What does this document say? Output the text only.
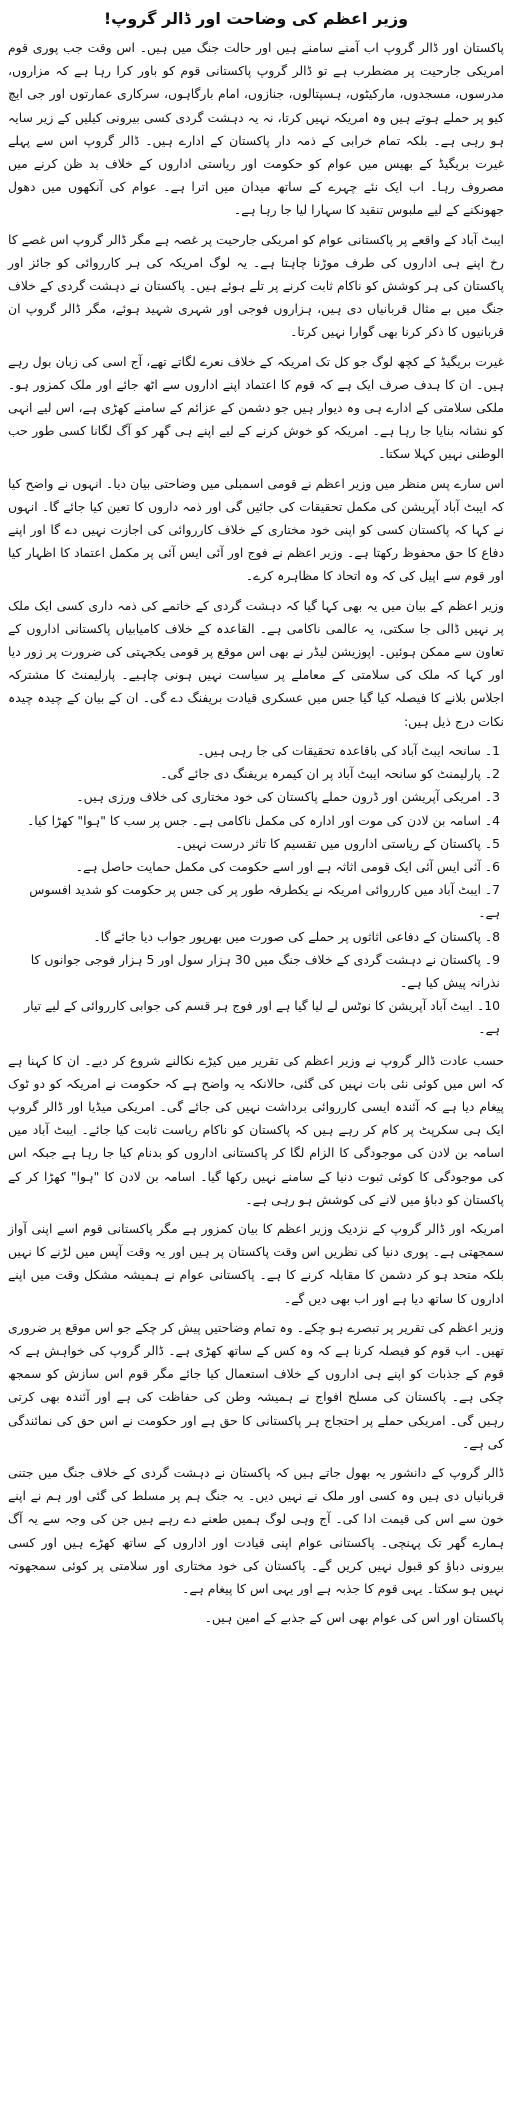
وزیر اعظم کی وضاحت اور ڈالر گروپ!

پاکستان اور ڈالر گروپ اب آمنے سامنے ہیں اور حالت جنگ میں ہیں۔ اس وقت جب پوری قوم امریکی جارحیت پر مضطرب ہے تو ڈالر گروپ پاکستانی قوم کو باور کرا رہا ہے کہ مزاروں، مدرسوں، مسجدوں، مارکیٹوں، ہسپتالوں، جنازوں، امام بارگاہوں، سرکاری عمارتوں اور جی ایچ کیو پر حملے ہوتے ہیں وہ امریکہ نہیں کرتا، نہ یہ دہشت گردی کسی بیرونی کیلیں کے زیر سایہ ہو رہی ہے۔ بلکہ تمام خرابی کے ذمہ دار پاکستان کے ادارے ہیں۔ ڈالر گروپ اس سے پہلے غیرت بریگیڈ کے بھیس میں عوام کو حکومت اور ریاستی اداروں کے خلاف بد ظن کرنے میں مصروف رہا۔ اب ایک نئے چہرے کے ساتھ میدان میں اترا ہے۔ عوام کی آنکھوں میں دھول جھونکنے کے لیے ملبوس تنقید کا سہارا لیا جا رہا ہے۔

ایبٹ آباد کے واقعے پر پاکستانی عوام کو امریکی جارحیت پر غصہ ہے مگر ڈالر گروپ اس غصے کا رخ اپنے ہی اداروں کی طرف موڑنا چاہتا ہے۔ یہ لوگ امریکہ کی ہر کارروائی کو جائز اور پاکستان کی ہر کوشش کو ناکام ثابت کرنے پر تلے ہوئے ہیں۔ پاکستان نے دہشت گردی کے خلاف جنگ میں بے مثال قربانیاں دی ہیں، ہزاروں فوجی اور شہری شہید ہوئے، مگر ڈالر گروپ ان قربانیوں کا ذکر کرنا بھی گوارا نہیں کرتا۔

غیرت بریگیڈ کے کچھ لوگ جو کل تک امریکہ کے خلاف نعرے لگاتے تھے، آج اسی کی زبان بول رہے ہیں۔ ان کا ہدف صرف ایک ہے کہ قوم کا اعتماد اپنے اداروں سے اٹھ جائے اور ملک کمزور ہو۔ ملکی سلامتی کے ادارے ہی وہ دیوار ہیں جو دشمن کے عزائم کے سامنے کھڑی ہے، اس لیے انہی کو نشانہ بنایا جا رہا ہے۔ امریکہ کو خوش کرنے کے لیے اپنے ہی گھر کو آگ لگانا کسی طور حب الوطنی نہیں کہلا سکتا۔

اس سارے پس منظر میں وزیر اعظم نے قومی اسمبلی میں وضاحتی بیان دیا۔ انہوں نے واضح کیا کہ ایبٹ آباد آپریشن کی مکمل تحقیقات کی جائیں گی اور ذمہ داروں کا تعین کیا جائے گا۔ انہوں نے کہا کہ پاکستان کسی کو اپنی خود مختاری کے خلاف کارروائی کی اجازت نہیں دے گا اور اپنے دفاع کا حق محفوظ رکھتا ہے۔ وزیر اعظم نے فوج اور آئی ایس آئی پر مکمل اعتماد کا اظہار کیا اور قوم سے اپیل کی کہ وہ اتحاد کا مظاہرہ کرے۔

وزیر اعظم کے بیان میں یہ بھی کہا گیا کہ دہشت گردی کے خاتمے کی ذمہ داری کسی ایک ملک پر نہیں ڈالی جا سکتی، یہ عالمی ناکامی ہے۔ القاعدہ کے خلاف کامیابیاں پاکستانی اداروں کے تعاون سے ممکن ہوئیں۔ اپوزیشن لیڈر نے بھی اس موقع پر قومی یکجہتی کی ضرورت پر زور دیا اور کہا کہ ملک کی سلامتی کے معاملے پر سیاست نہیں ہونی چاہیے۔ پارلیمنٹ کا مشترکہ اجلاس بلانے کا فیصلہ کیا گیا جس میں عسکری قیادت بریفنگ دے گی۔ ان کے بیان کے چیدہ چیدہ نکات درج ذیل ہیں:

1۔ سانحہ ایبٹ آباد کی باقاعدہ تحقیقات کی جا رہی ہیں۔
2۔ پارلیمنٹ کو سانحہ ایبٹ آباد پر ان کیمرہ بریفنگ دی جائے گی۔
3۔ امریکی آپریشن اور ڈرون حملے پاکستان کی خود مختاری کی خلاف ورزی ہیں۔
4۔ اسامہ بن لادن کی موت اور ادارہ کی مکمل ناکامی ہے۔ جس پر سب کا "ہوا" کھڑا کیا۔
5۔ پاکستان کے ریاستی اداروں میں تقسیم کا تاثر درست نہیں۔
6۔ آئی ایس آئی ایک قومی اثاثہ ہے اور اسے حکومت کی مکمل حمایت حاصل ہے۔
7۔ ایبٹ آباد میں کارروائی امریکہ نے یکطرفہ طور پر کی جس پر حکومت کو شدید افسوس ہے۔
8۔ پاکستان کے دفاعی اثاثوں پر حملے کی صورت میں بھرپور جواب دیا جائے گا۔
9۔ پاکستان نے دہشت گردی کے خلاف جنگ میں 30 ہزار سول اور 5 ہزار فوجی جوانوں کا نذرانہ پیش کیا ہے۔
10۔ ایبٹ آباد آپریشن کا نوٹس لے لیا گیا ہے اور فوج ہر قسم کی جوابی کارروائی کے لیے تیار ہے۔

حسب عادت ڈالر گروپ نے وزیر اعظم کی تقریر میں کیڑے نکالنے شروع کر دیے۔ ان کا کہنا ہے کہ اس میں کوئی نئی بات نہیں کی گئی، حالانکہ یہ واضح ہے کہ حکومت نے امریکہ کو دو ٹوک پیغام دیا ہے کہ آئندہ ایسی کارروائی برداشت نہیں کی جائے گی۔ امریکی میڈیا اور ڈالر گروپ ایک ہی سکرپٹ پر کام کر رہے ہیں کہ پاکستان کو ناکام ریاست ثابت کیا جائے۔ ایبٹ آباد میں اسامہ بن لادن کی موجودگی کا الزام لگا کر پاکستانی اداروں کو بدنام کیا جا رہا ہے جبکہ اس کی موجودگی کا کوئی ثبوت دنیا کے سامنے نہیں رکھا گیا۔ اسامہ بن لادن کا "ہوا" کھڑا کر کے پاکستان کو دباؤ میں لانے کی کوشش ہو رہی ہے۔

امریکہ اور ڈالر گروپ کے نزدیک وزیر اعظم کا بیان کمزور ہے مگر پاکستانی قوم اسے اپنی آواز سمجھتی ہے۔ پوری دنیا کی نظریں اس وقت پاکستان پر ہیں اور یہ وقت آپس میں لڑنے کا نہیں بلکہ متحد ہو کر دشمن کا مقابلہ کرنے کا ہے۔ پاکستانی عوام نے ہمیشہ مشکل وقت میں اپنے اداروں کا ساتھ دیا ہے اور اب بھی دیں گے۔

وزیر اعظم کی تقریر پر تبصرے ہو چکے۔ وہ تمام وضاحتیں پیش کر چکے جو اس موقع پر ضروری تھیں۔ اب قوم کو فیصلہ کرنا ہے کہ وہ کس کے ساتھ کھڑی ہے۔ ڈالر گروپ کی خواہش ہے کہ قوم کے جذبات کو اپنے ہی اداروں کے خلاف استعمال کیا جائے مگر قوم اس سازش کو سمجھ چکی ہے۔ پاکستان کی مسلح افواج نے ہمیشہ وطن کی حفاظت کی ہے اور آئندہ بھی کرتی رہیں گی۔ امریکی حملے پر احتجاج ہر پاکستانی کا حق ہے اور حکومت نے اس حق کی نمائندگی کی ہے۔

ڈالر گروپ کے دانشور یہ بھول جاتے ہیں کہ پاکستان نے دہشت گردی کے خلاف جنگ میں جتنی قربانیاں دی ہیں وہ کسی اور ملک نے نہیں دیں۔ یہ جنگ ہم پر مسلط کی گئی اور ہم نے اپنے خون سے اس کی قیمت ادا کی۔ آج وہی لوگ ہمیں طعنے دے رہے ہیں جن کی وجہ سے یہ آگ ہمارے گھر تک پہنچی۔ پاکستانی عوام اپنی قیادت اور اداروں کے ساتھ کھڑے ہیں اور کسی بیرونی دباؤ کو قبول نہیں کریں گے۔ پاکستان کی خود مختاری اور سلامتی پر کوئی سمجھوتہ نہیں ہو سکتا۔ یہی قوم کا جذبہ ہے اور یہی اس کا پیغام ہے۔

پاکستان اور اس کی عوام بھی اس کے جذبے کے امین ہیں۔
